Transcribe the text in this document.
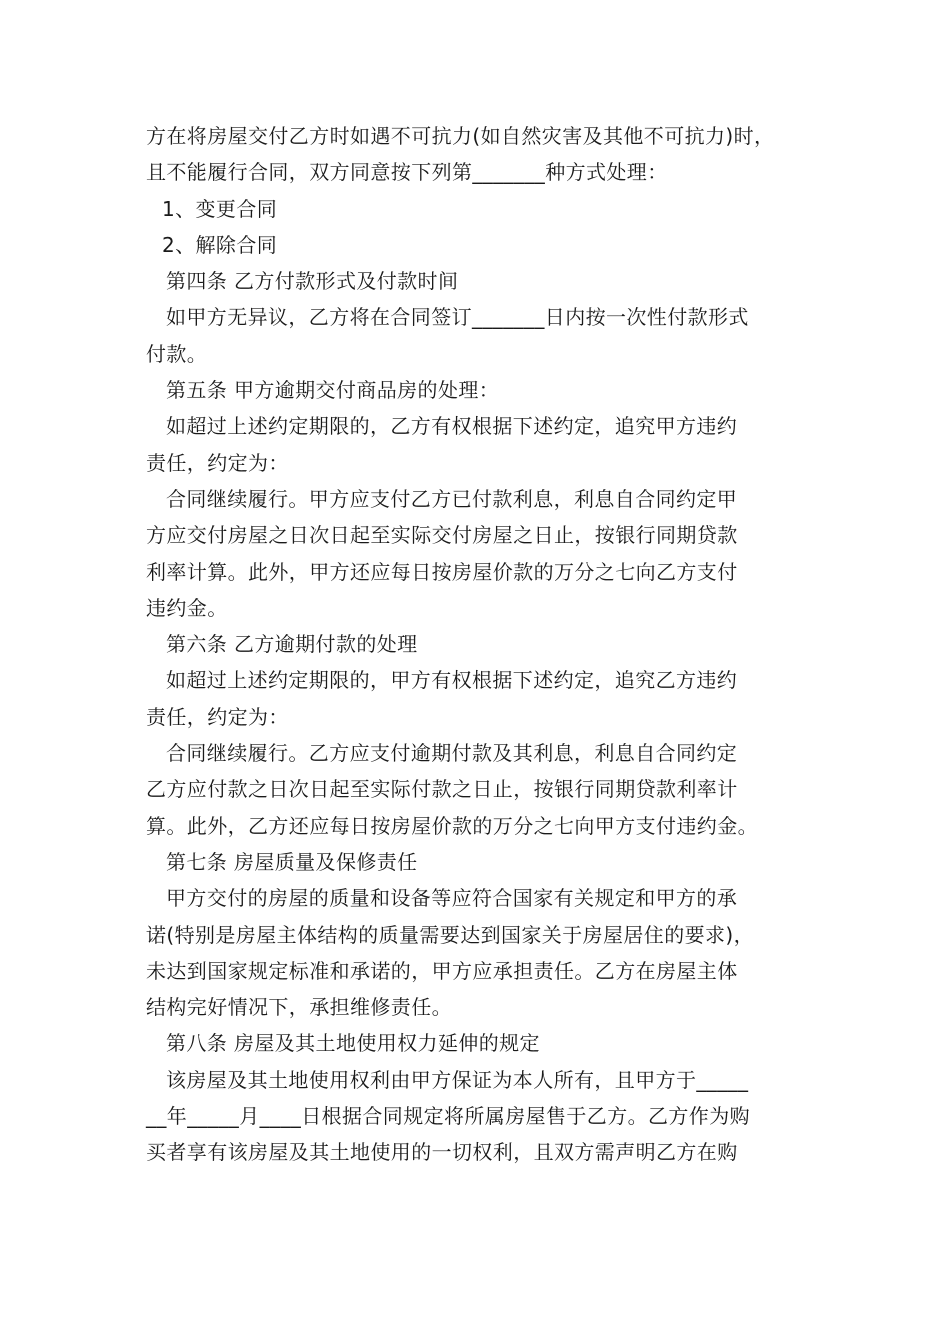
方在将房屋交付乙方时如遇不可抗力(如自然灾害及其他不可抗力)时，
且不能履行合同，双方同意按下列第_______种方式处理：
1、变更合同
2、解除合同
第四条 乙方付款形式及付款时间
如甲方无异议，乙方将在合同签订_______日内按一次性付款形式
付款。
第五条 甲方逾期交付商品房的处理：
如超过上述约定期限的，乙方有权根据下述约定，追究甲方违约
责任，约定为：
合同继续履行。甲方应支付乙方已付款利息，利息自合同约定甲
方应交付房屋之日次日起至实际交付房屋之日止，按银行同期贷款
利率计算。此外，甲方还应每日按房屋价款的万分之七向乙方支付
违约金。
第六条 乙方逾期付款的处理
如超过上述约定期限的，甲方有权根据下述约定，追究乙方违约
责任，约定为：
合同继续履行。乙方应支付逾期付款及其利息，利息自合同约定
乙方应付款之日次日起至实际付款之日止，按银行同期贷款利率计
算。此外，乙方还应每日按房屋价款的万分之七向甲方支付违约金。
第七条 房屋质量及保修责任
甲方交付的房屋的质量和设备等应符合国家有关规定和甲方的承
诺(特别是房屋主体结构的质量需要达到国家关于房屋居住的要求)，
未达到国家规定标准和承诺的，甲方应承担责任。乙方在房屋主体
结构完好情况下，承担维修责任。
第八条 房屋及其土地使用权力延伸的规定
该房屋及其土地使用权利由甲方保证为本人所有，且甲方于_____
__年_____月____日根据合同规定将所属房屋售于乙方。乙方作为购
买者享有该房屋及其土地使用的一切权利，且双方需声明乙方在购
